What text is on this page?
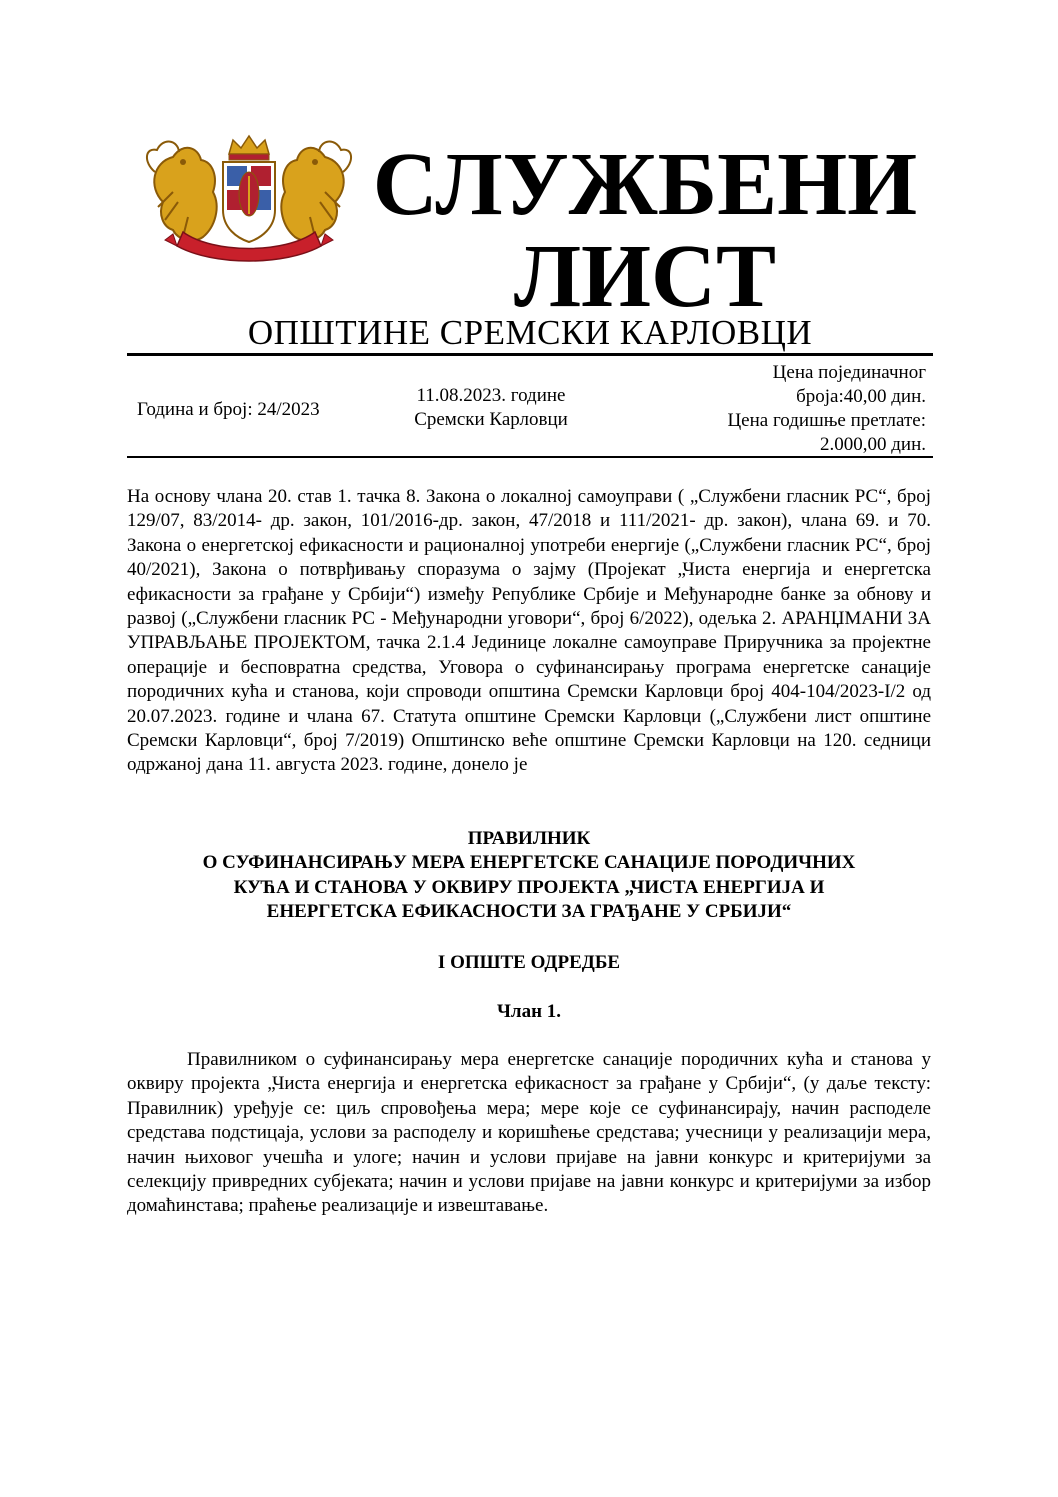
СЛУЖБЕНИ
ЛИСТ
ОПШТИНЕ СРЕМСКИ КАРЛОВЦИ
Година и број: 24/2023
11.08.2023. године
Сремски Карловци
Цена појединачног
броја:40,00 дин.
Цена годишње претлате:
2.000,00 дин.

На основу члана 20. став 1. тачка 8. Закона о локалној самоуправи ( „Службени гласник РС“, број 129/07, 83/2014- др. закон, 101/2016-др. закон, 47/2018 и 111/2021- др. закон), члана 69. и 70. Закона о енергетској ефикасности и рационалној употреби енергије („Службени гласник РС“, број 40/2021), Закона о потврђивању споразума о зајму (Пројекат „Чиста енергија и енергетска ефикасности за грађане у Србији“) између Републике Србије и Међународне банке за обнову и развој („Службени гласник РС - Међународни уговори“, број 6/2022), одељка 2. АРАНЏМАНИ ЗА УПРАВЉАЊЕ ПРОЈЕКТОМ, тачка 2.1.4 Јединице локалне самоуправе Приручника за пројектне операције и бесповратна средства, Уговора о суфинансирању програма енергетске санације породичних кућа и станова, који спроводи општина Сремски Карловци број 404-104/2023-I/2 од 20.07.2023. године и члана 67. Статута општине Сремски Карловци („Службени лист општине Сремски Карловци“, број 7/2019) Општинско веће општине Сремски Карловци на 120. седници одржаној дана 11. августа 2023. године, донело је

ПРАВИЛНИК
О СУФИНАНСИРАЊУ МЕРА ЕНЕРГЕТСКЕ САНАЦИЈЕ ПОРОДИЧНИХ
КУЋА И СТАНОВА У ОКВИРУ ПРОЈЕКТА „ЧИСТА ЕНЕРГИЈА И
ЕНЕРГЕТСКА ЕФИКАСНОСТИ ЗА ГРАЂАНЕ У СРБИЈИ“
I ОПШТЕ ОДРЕДБЕ
Члан 1.

Правилником о суфинансирању мера енергетске санације породичних кућа и станова у оквиру пројекта „Чиста енергија и енергетска ефикасност за грађане у Србији“, (у даље тексту: Правилник) уређује се: циљ спровођења мера; мере које се суфинансирају, начин расподеле средстава подстицаја, услови за расподелу и коришћење средстава; учесници у реализацији мера, начин њиховог учешћа и улоге; начин и услови пријаве на јавни конкурс и критеријуми за селекцију привредних субјеката; начин и услови пријаве на јавни конкурс и критеријуми за избор домаћинстава; праћење реализације и извештавање.
